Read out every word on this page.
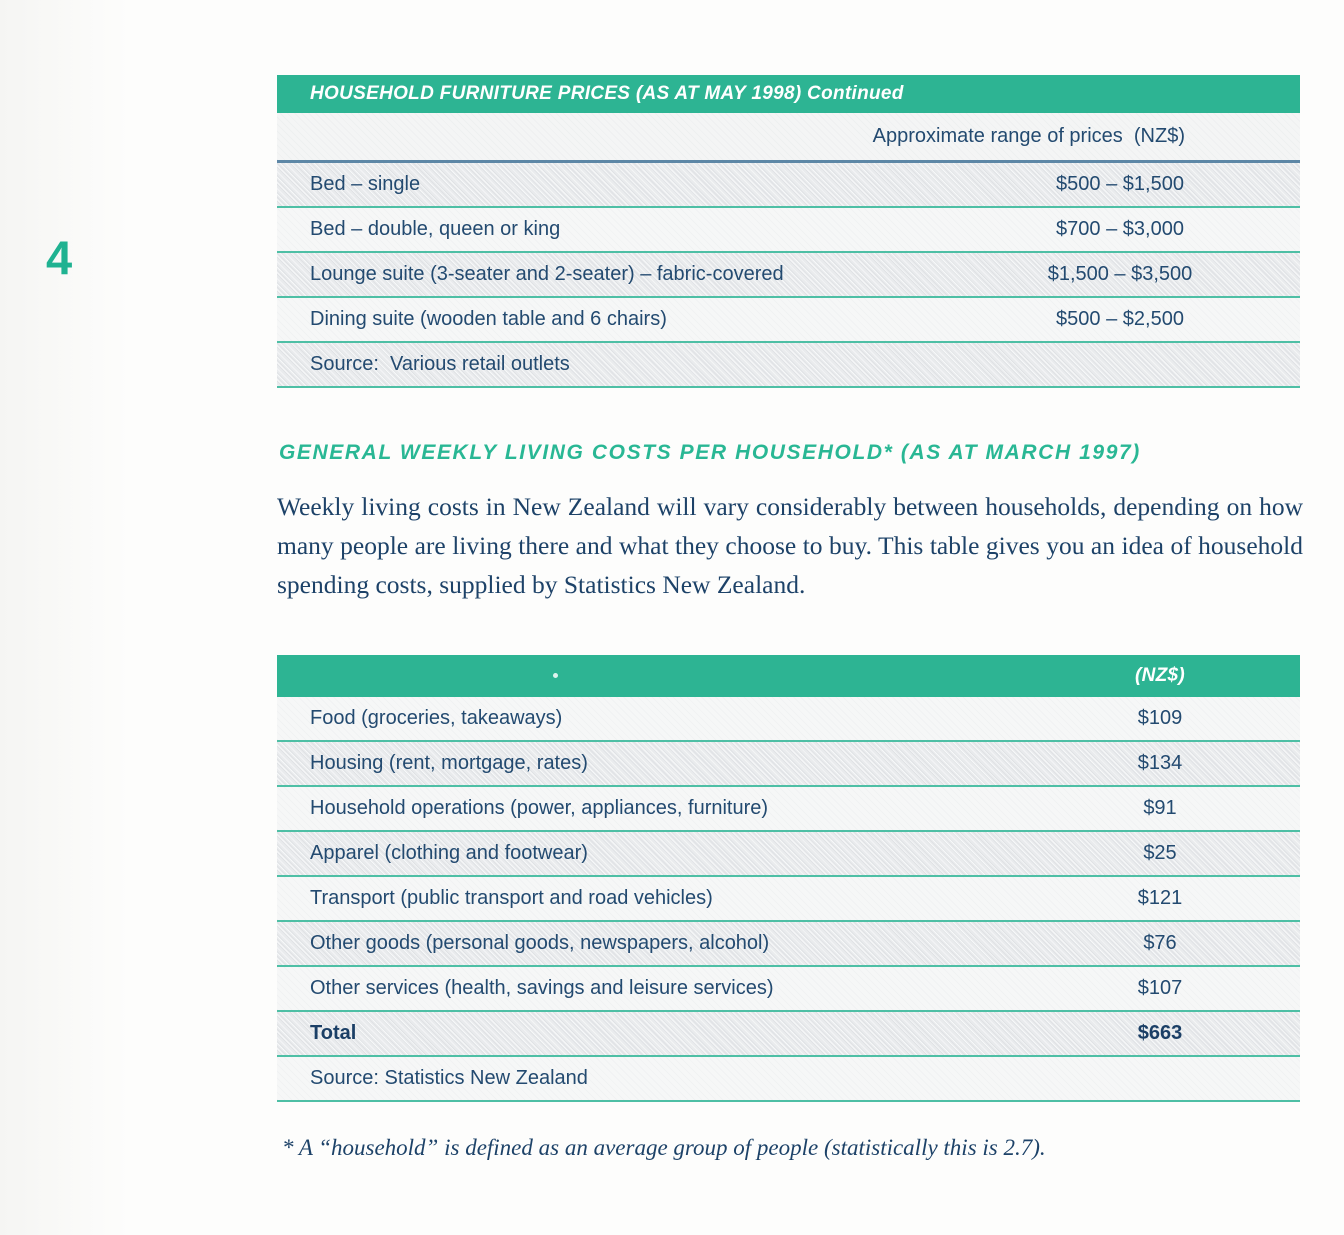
4
HOUSEHOLD FURNITURE PRICES (AS AT MAY 1998) Continued
Approximate range of prices  (NZ$)
Bed – single	$500 – $1,500
Bed – double, queen or king	$700 – $3,000
Lounge suite (3-seater and 2-seater) – fabric-covered	$1,500 – $3,500
Dining suite (wooden table and 6 chairs)	$500 – $2,500
Source:  Various retail outlets
GENERAL WEEKLY LIVING COSTS PER HOUSEHOLD* (AS AT MARCH 1997)
Weekly living costs in New Zealand will vary considerably between households, depending on how many people are living there and what they choose to buy. This table gives you an idea of household spending costs, supplied by Statistics New Zealand.
(NZ$)
Food (groceries, takeaways)	$109
Housing (rent, mortgage, rates)	$134
Household operations (power, appliances, furniture)	$91
Apparel (clothing and footwear)	$25
Transport (public transport and road vehicles)	$121
Other goods (personal goods, newspapers, alcohol)	$76
Other services (health, savings and leisure services)	$107
Total	$663
Source: Statistics New Zealand
* A “household” is defined as an average group of people (statistically this is 2.7).
